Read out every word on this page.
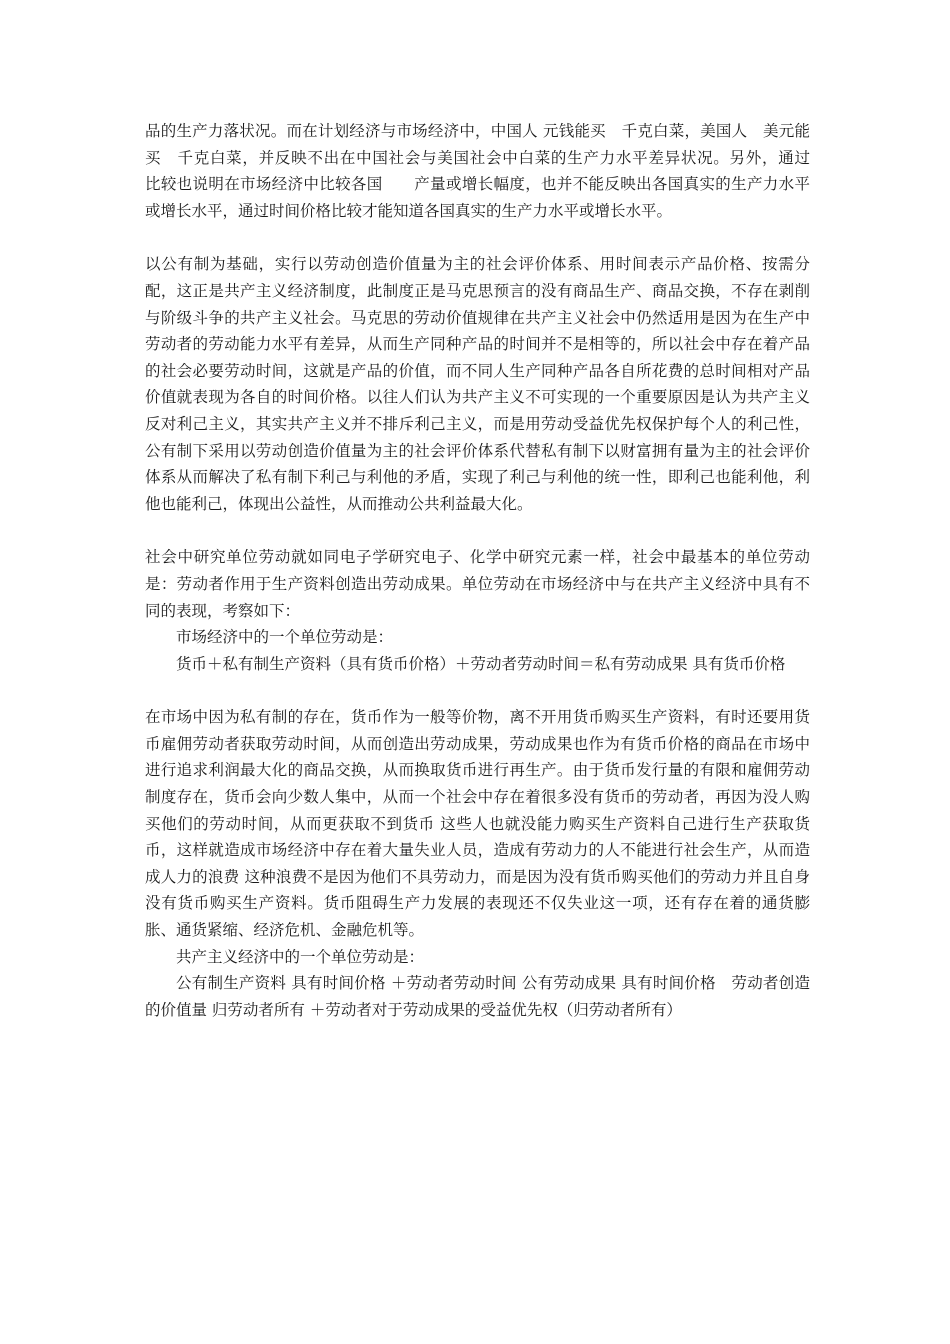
品的生产力落状况。而在计划经济与市场经济中，中国人 元钱能买　千克白菜，美国人　美元能买　千克白菜，并反映不出在中国社会与美国社会中白菜的生产力水平差异状况。另外，通过　　比较也说明在市场经济中比较各国　　产量或增长幅度，也并不能反映出各国真实的生产力水平或增长水平，通过时间价格比较才能知道各国真实的生产力水平或增长水平。

以公有制为基础，实行以劳动创造价值量为主的社会评价体系、用时间表示产品价格、按需分配，这正是共产主义经济制度，此制度正是马克思预言的没有商品生产、商品交换，不存在剥削与阶级斗争的共产主义社会。马克思的劳动价值规律在共产主义社会中仍然适用是因为在生产中劳动者的劳动能力水平有差异，从而生产同种产品的时间并不是相等的，所以社会中存在着产品的社会必要劳动时间，这就是产品的价值，而不同人生产同种产品各自所花费的总时间相对产品价值就表现为各自的时间价格。以往人们认为共产主义不可实现的一个重要原因是认为共产主义反对利己主义，其实共产主义并不排斥利己主义，而是用劳动受益优先权保护每个人的利己性，公有制下采用以劳动创造价值量为主的社会评价体系代替私有制下以财富拥有量为主的社会评价体系从而解决了私有制下利己与利他的矛盾，实现了利己与利他的统一性，即利己也能利他，利他也能利己，体现出公益性，从而推动公共利益最大化。

社会中研究单位劳动就如同电子学研究电子、化学中研究元素一样，社会中最基本的单位劳动是：劳动者作用于生产资料创造出劳动成果。单位劳动在市场经济中与在共产主义经济中具有不同的表现，考察如下：

市场经济中的一个单位劳动是：

货币＋私有制生产资料（具有货币价格）＋劳动者劳动时间＝私有劳动成果 具有货币价格

在市场中因为私有制的存在，货币作为一般等价物，离不开用货币购买生产资料，有时还要用货币雇佣劳动者获取劳动时间，从而创造出劳动成果，劳动成果也作为有货币价格的商品在市场中进行追求利润最大化的商品交换，从而换取货币进行再生产。由于货币发行量的有限和雇佣劳动制度存在，货币会向少数人集中，从而一个社会中存在着很多没有货币的劳动者，再因为没人购买他们的劳动时间，从而更获取不到货币 这些人也就没能力购买生产资料自己进行生产获取货币，这样就造成市场经济中存在着大量失业人员，造成有劳动力的人不能进行社会生产，从而造成人力的浪费 这种浪费不是因为他们不具劳动力，而是因为没有货币购买他们的劳动力并且自身没有货币购买生产资料。货币阻碍生产力发展的表现还不仅失业这一项，还有存在着的通货膨胀、通货紧缩、经济危机、金融危机等。

共产主义经济中的一个单位劳动是：

公有制生产资料 具有时间价格 ＋劳动者劳动时间 公有劳动成果 具有时间价格　劳动者创造的价值量 归劳动者所有 ＋劳动者对于劳动成果的受益优先权（归劳动者所有）
